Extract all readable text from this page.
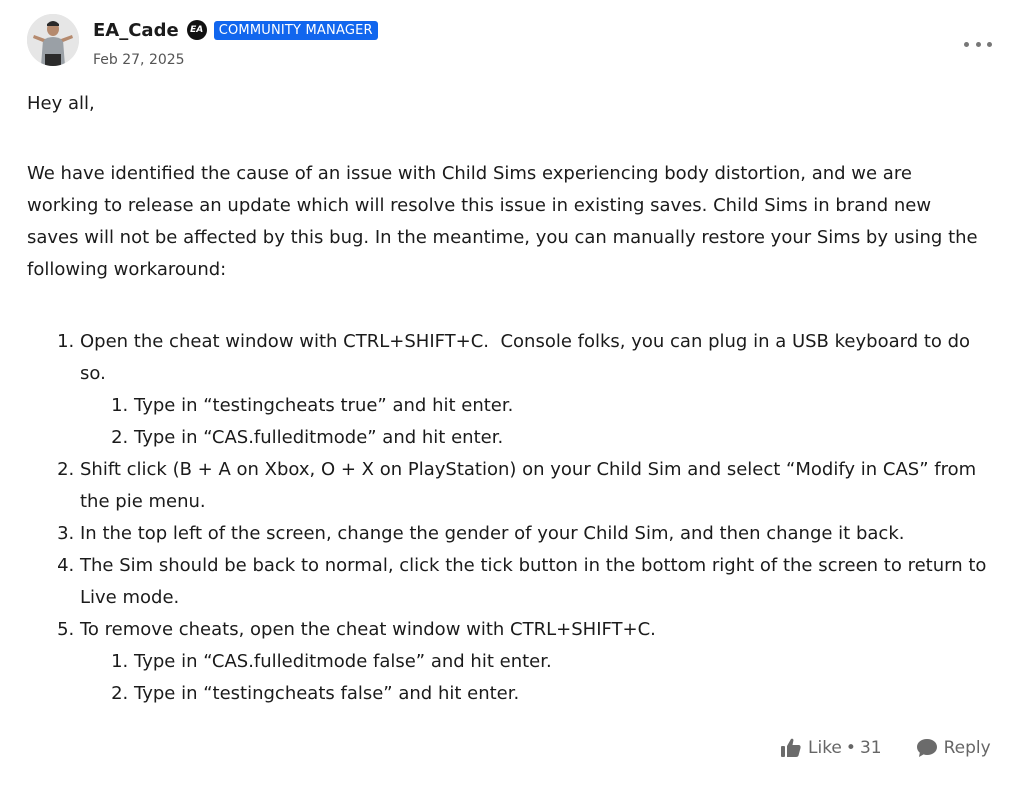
EA_Cade	EA	COMMUNITY MANAGER
Feb 27, 2025

Hey all,

We have identified the cause of an issue with Child Sims experiencing body distortion, and we are working to release an update which will resolve this issue in existing saves. Child Sims in brand new saves will not be affected by this bug. In the meantime, you can manually restore your Sims by using the following workaround:

1. Open the cheat window with CTRL+SHIFT+C.  Console folks, you can plug in a USB keyboard to do so.
1. Type in “testingcheats true” and hit enter.
2. Type in “CAS.fulleditmode” and hit enter.
2. Shift click (B + A on Xbox, O + X on PlayStation) on your Child Sim and select “Modify in CAS” from the pie menu.
3. In the top left of the screen, change the gender of your Child Sim, and then change it back.
4. The Sim should be back to normal, click the tick button in the bottom right of the screen to return to Live mode.
5. To remove cheats, open the cheat window with CTRL+SHIFT+C.
1. Type in “CAS.fulleditmode false” and hit enter.
2. Type in “testingcheats false” and hit enter.
Like • 31	Reply
